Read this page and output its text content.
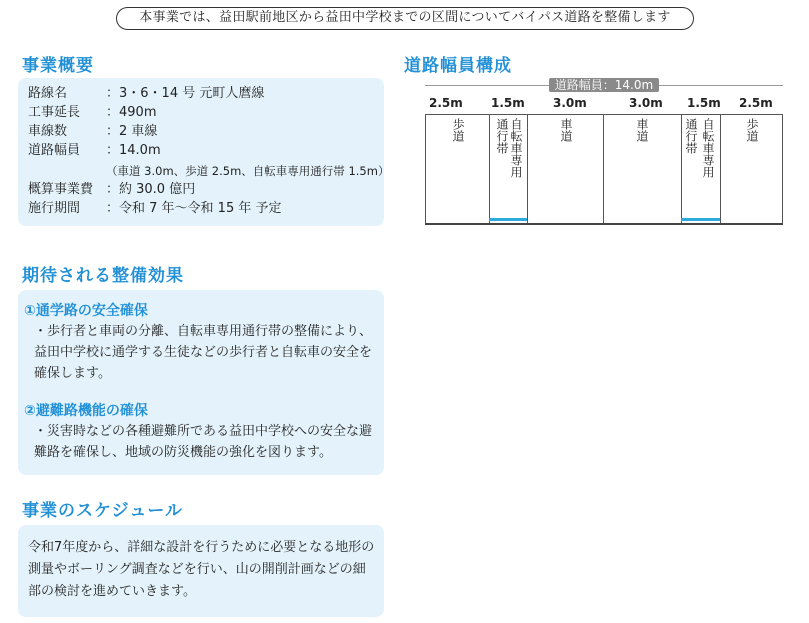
本事業では、益田駅前地区から益田中学校までの区間についてバイパス道路を整備します
事業概要
路線名	：3・6・14 号 元町人麿線
工事延長 ：490m
車線数	：2 車線
道路幅員 ：14.0m
（車道 3.0m、歩道 2.5m、自転車専用通行帯 1.5m）
概算事業費 ：約 30.0 億円
施行期間 ：令和 7 年～令和 15 年 予定
道路幅員構成
道路幅員：14.0m
2.5m 1.5m 3.0m	3.0m 1.5m 2.5m
歩道	通行帯 自転車専用	車道	車道	通行帯 自転車専用	歩道
期待される整備効果
①通学路の安全確保
・歩行者と車両の分離、自転車専用通行帯の整備により、益田中学校に通学する生徒などの歩行者と自転車の安全を確保します。
②避難路機能の確保
・災害時などの各種避難所である益田中学校への安全な避難路を確保し、地域の防災機能の強化を図ります。
事業のスケジュール
令和7年度から、詳細な設計を行うために必要となる地形の測量やボーリング調査などを行い、山の開削計画などの細部の検討を進めていきます。
